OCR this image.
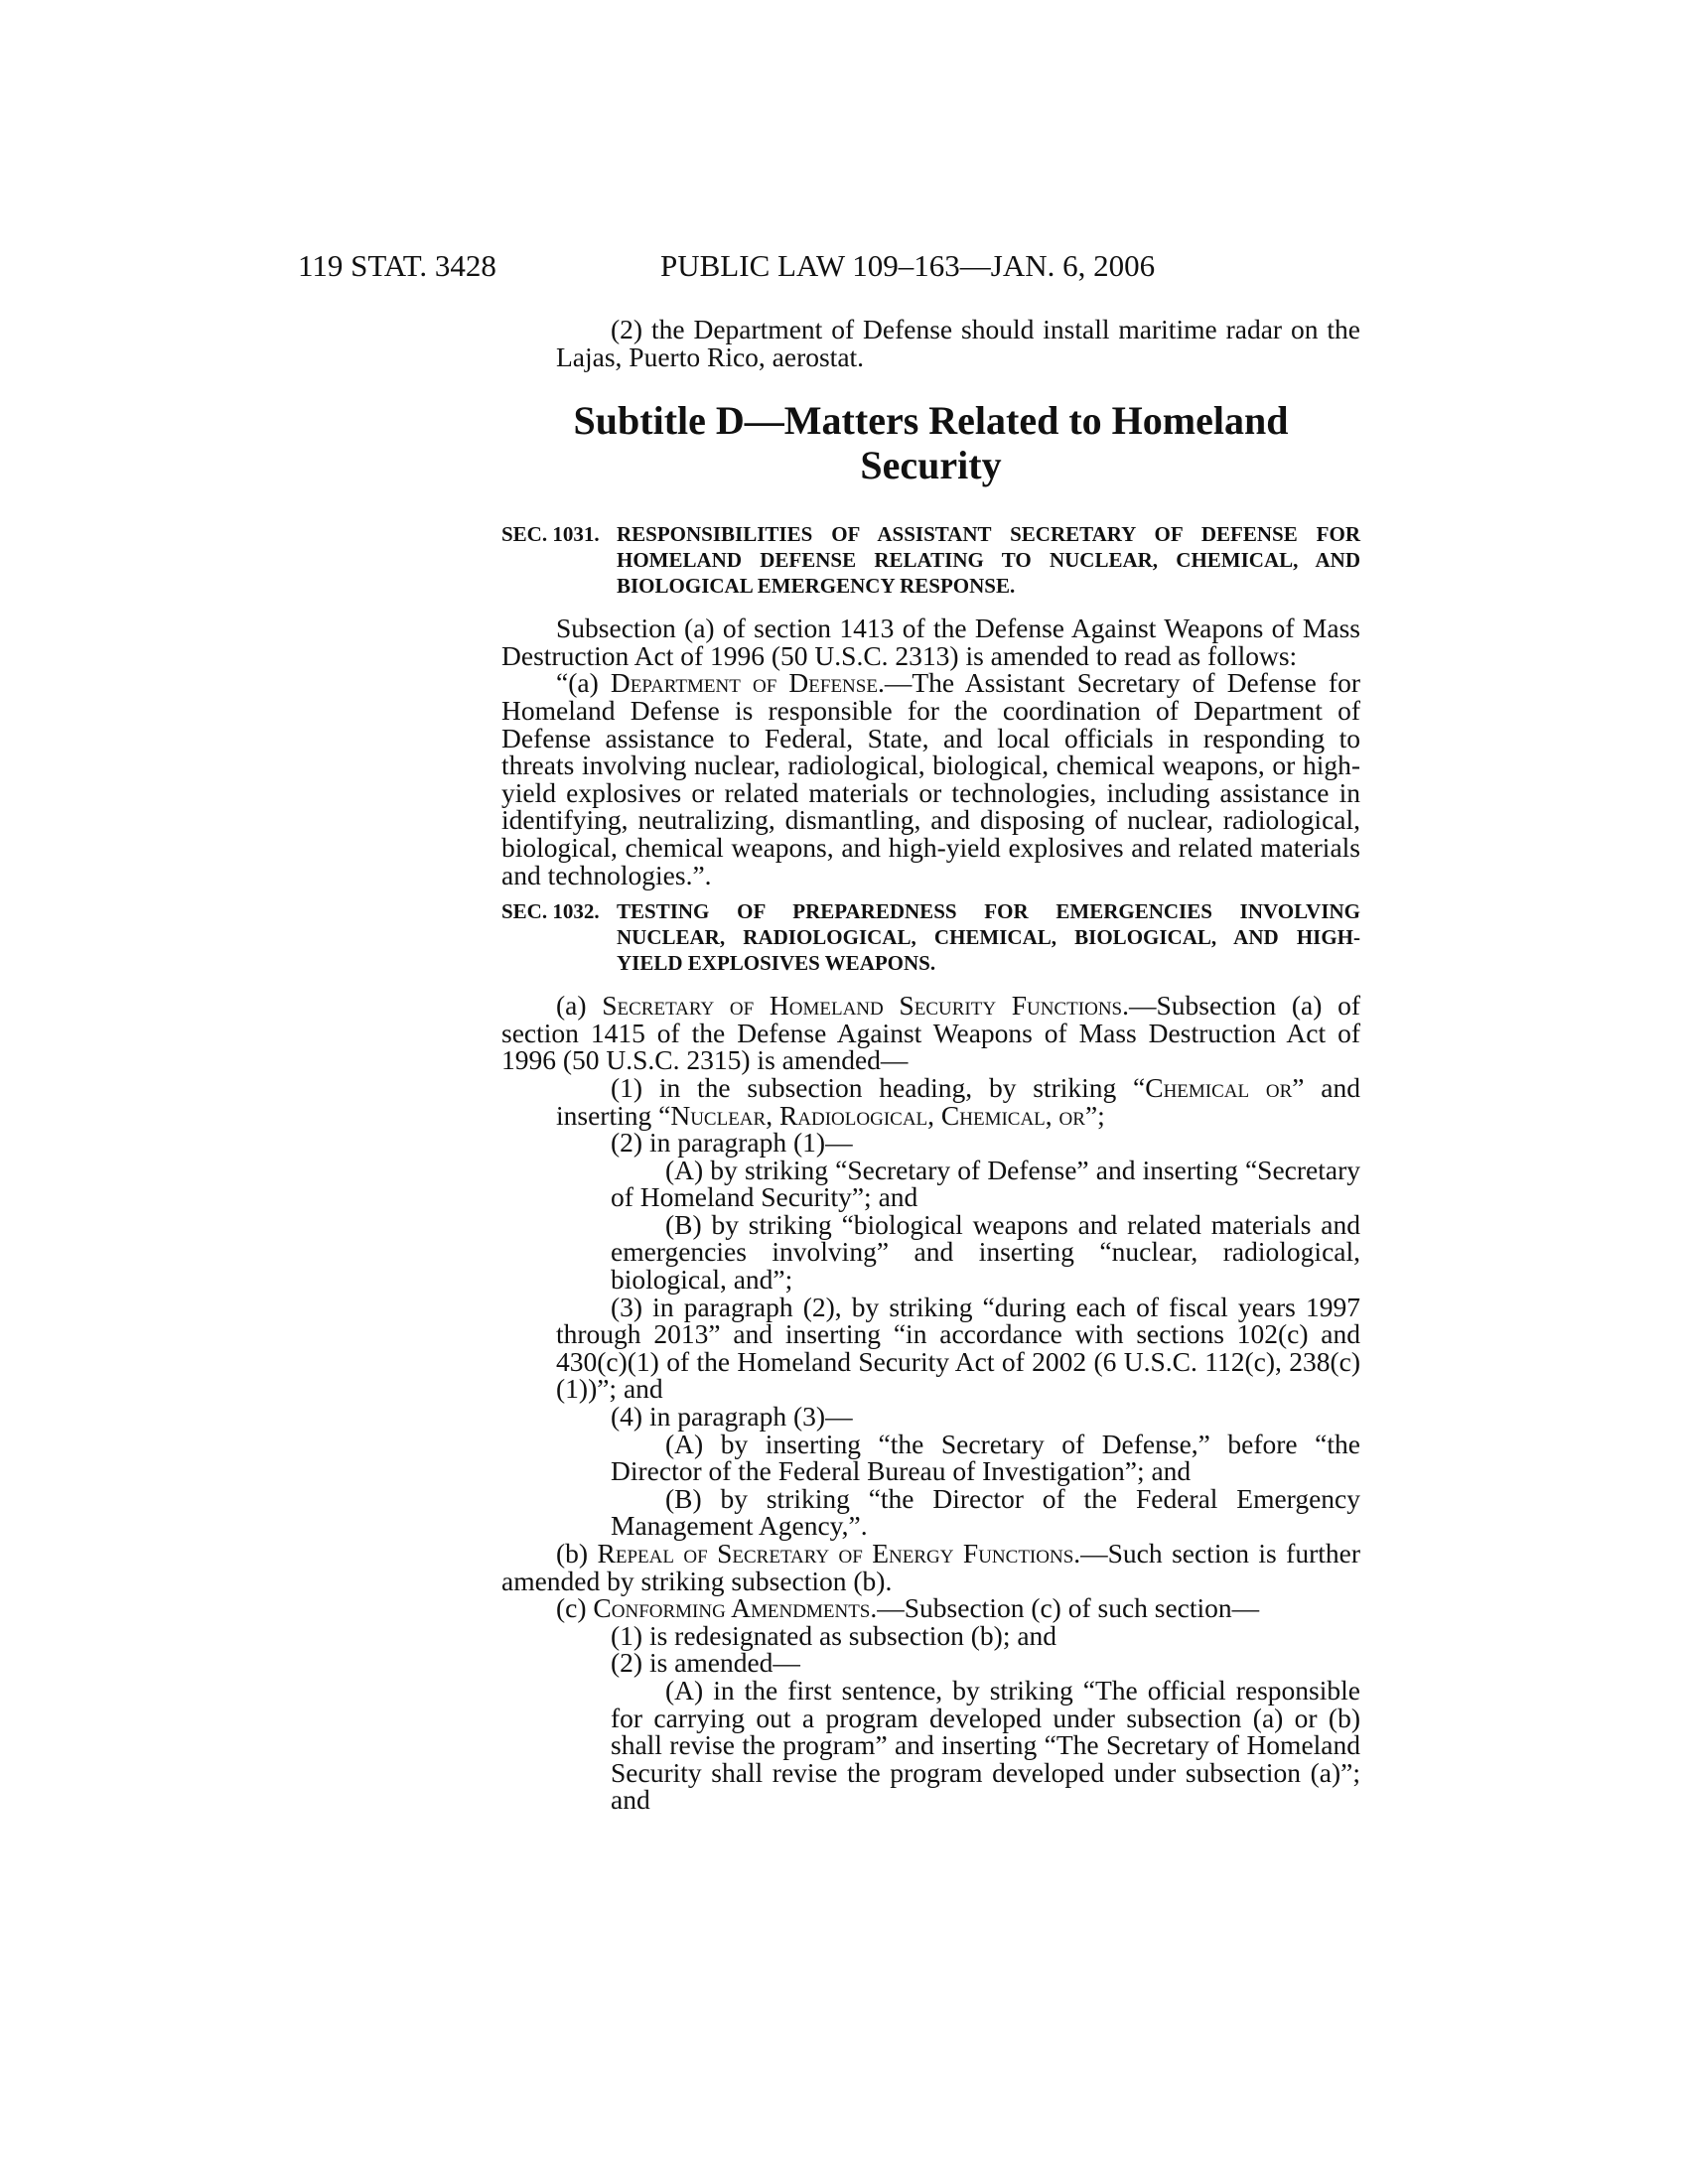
119 STAT. 3428	PUBLIC LAW 109–163—JAN. 6, 2006

(2) the Department of Defense should install maritime radar on the Lajas, Puerto Rico, aerostat.

Subtitle D—Matters Related to Homeland Security
SEC. 1031. RESPONSIBILITIES OF ASSISTANT SECRETARY OF DEFENSE FOR HOMELAND DEFENSE RELATING TO NUCLEAR, CHEMICAL, AND BIOLOGICAL EMERGENCY RESPONSE.

Subsection (a) of section 1413 of the Defense Against Weapons of Mass Destruction Act of 1996 (50 U.S.C. 2313) is amended to read as follows:

“(a) Department of Defense.—The Assistant Secretary of Defense for Homeland Defense is responsible for the coordination of Department of Defense assistance to Federal, State, and local officials in responding to threats involving nuclear, radiological, biological, chemical weapons, or high-yield explosives or related materials or technologies, including assistance in identifying, neutralizing, dismantling, and disposing of nuclear, radiological, biological, chemical weapons, and high-yield explosives and related materials and technologies.”.

SEC. 1032. TESTING OF PREPAREDNESS FOR EMERGENCIES INVOLVING NUCLEAR, RADIOLOGICAL, CHEMICAL, BIOLOGICAL, AND HIGH-YIELD EXPLOSIVES WEAPONS.

(a) Secretary of Homeland Security Functions.—Subsection (a) of section 1415 of the Defense Against Weapons of Mass Destruction Act of 1996 (50 U.S.C. 2315) is amended—

(1) in the subsection heading, by striking “Chemical or” and inserting “Nuclear, Radiological, Chemical, or”;

(2) in paragraph (1)—

(A) by striking “Secretary of Defense” and inserting “Secretary of Homeland Security”; and

(B) by striking “biological weapons and related materials and emergencies involving” and inserting “nuclear, radiological, biological, and”;

(3) in paragraph (2), by striking “during each of fiscal years 1997 through 2013” and inserting “in accordance with sections 102(c) and 430(c)(1) of the Homeland Security Act of 2002 (6 U.S.C. 112(c), 238(c)(1))”; and

(4) in paragraph (3)—

(A) by inserting “the Secretary of Defense,” before “the Director of the Federal Bureau of Investigation”; and

(B) by striking “the Director of the Federal Emergency Management Agency,”.

(b) Repeal of Secretary of Energy Functions.—Such section is further amended by striking subsection (b).

(c) Conforming Amendments.—Subsection (c) of such section—

(1) is redesignated as subsection (b); and

(2) is amended—

(A) in the first sentence, by striking “The official responsible for carrying out a program developed under subsection (a) or (b) shall revise the program” and inserting “The Secretary of Homeland Security shall revise the program developed under subsection (a)”; and
